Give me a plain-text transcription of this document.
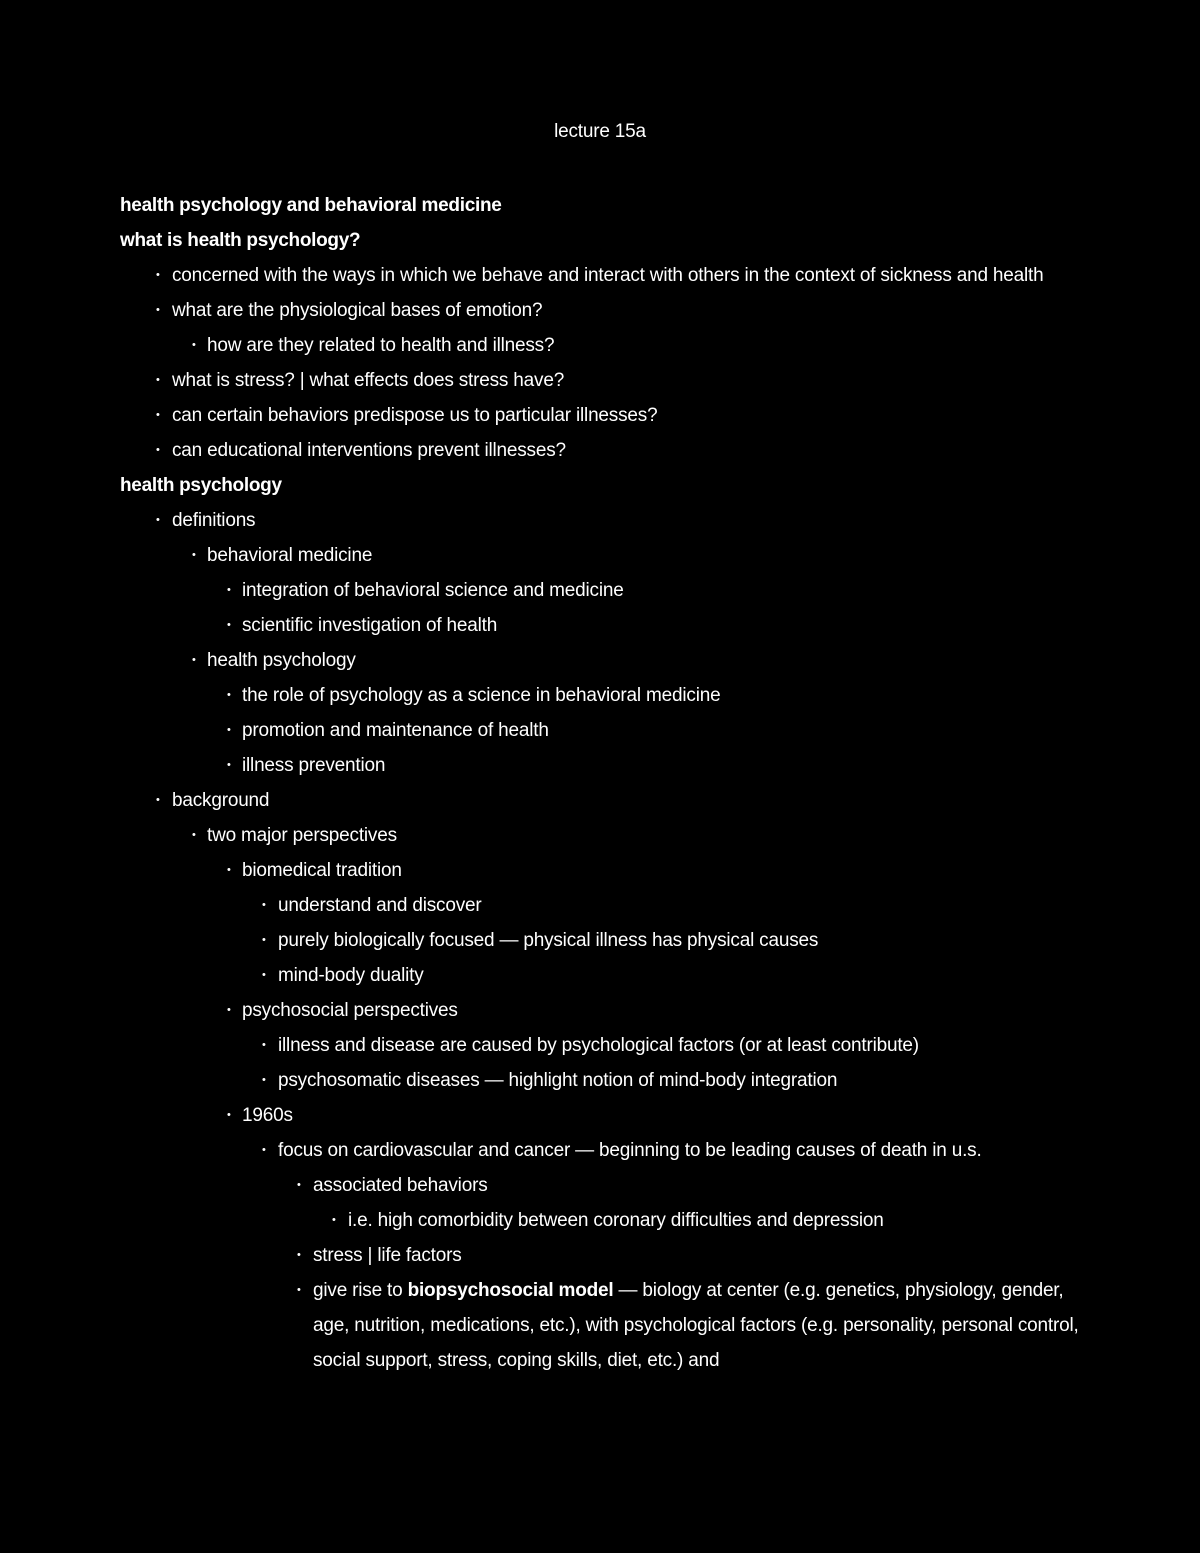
lecture 15a
health psychology and behavioral medicine
what is health psychology?
• concerned with the ways in which we behave and interact with others in the context of sickness and health
• what are the physiological bases of emotion?
• how are they related to health and illness?
• what is stress? | what effects does stress have?
• can certain behaviors predispose us to particular illnesses?
• can educational interventions prevent illnesses?
health psychology
• definitions
• behavioral medicine
• integration of behavioral science and medicine
• scientific investigation of health
• health psychology
• the role of psychology as a science in behavioral medicine
• promotion and maintenance of health
• illness prevention
• background
• two major perspectives
• biomedical tradition
• understand and discover
• purely biologically focused — physical illness has physical causes
• mind-body duality
• psychosocial perspectives
• illness and disease are caused by psychological factors (or at least contribute)
• psychosomatic diseases — highlight notion of mind-body integration
• 1960s
• focus on cardiovascular and cancer — beginning to be leading causes of death in u.s.
• associated behaviors
• i.e. high comorbidity between coronary difficulties and depression
• stress | life factors
• give rise to biopsychosocial model — biology at center (e.g. genetics, physiology, gender, age, nutrition, medications, etc.), with psychological factors (e.g. personality, personal control, social support, stress, coping skills, diet, etc.) and
